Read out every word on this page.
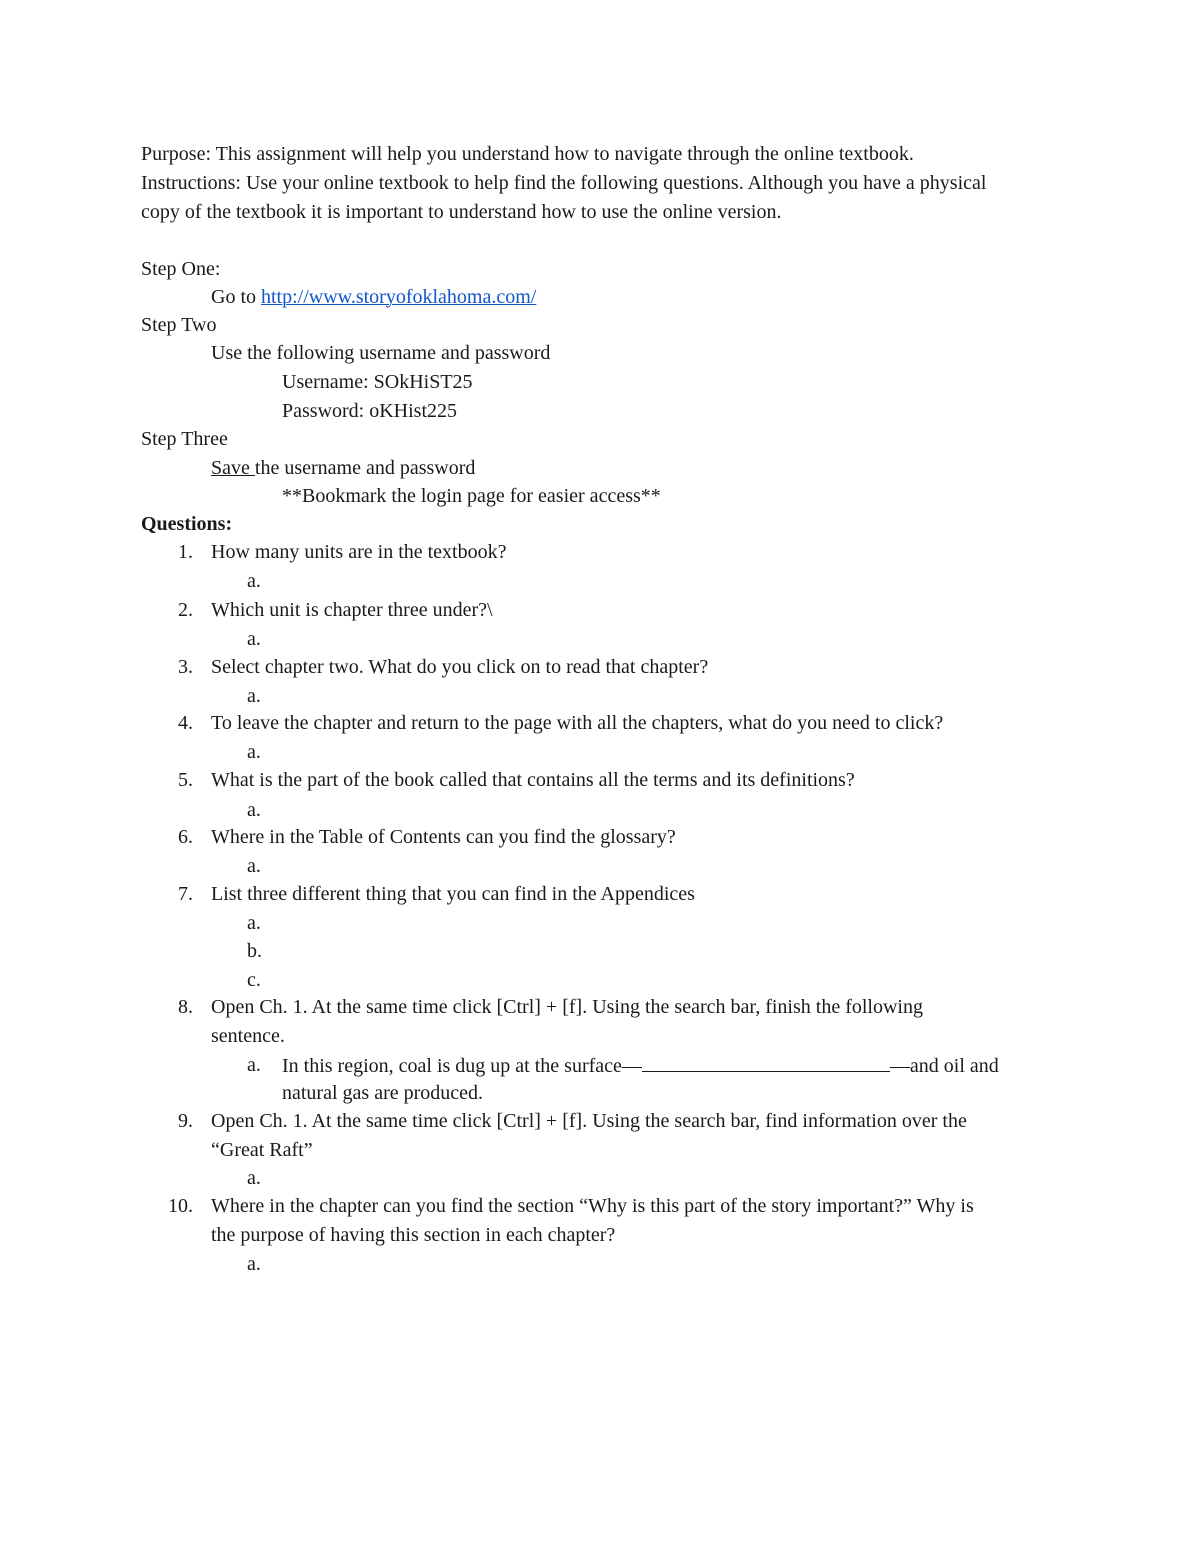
Purpose: This assignment will help you understand how to navigate through the online textbook.
Instructions: Use your online textbook to help find the following questions. Although you have a physical
copy of the textbook it is important to understand how to use the online version.
Step One:
Go to http://www.storyofoklahoma.com/
Step Two
Use the following username and password
Username: SOkHiST25
Password: oKHist225
Step Three
Save the username and password
**Bookmark the login page for easier access**
Questions:
1. How many units are in the textbook?
a.
2. Which unit is chapter three under?\
a.
3. Select chapter two. What do you click on to read that chapter?
a.
4. To leave the chapter and return to the page with all the chapters, what do you need to click?
a.
5. What is the part of the book called that contains all the terms and its definitions?
a.
6. Where in the Table of Contents can you find the glossary?
a.
7. List three different thing that you can find in the Appendices
a.
b.
c.
8. Open Ch. 1. At the same time click [Ctrl] + [f]. Using the search bar, finish the following
sentence.
a. In this region, coal is dug up at the surface—	—and oil and
natural gas are produced.
9. Open Ch. 1. At the same time click [Ctrl] + [f]. Using the search bar, find information over the
“Great Raft”
a.
10. Where in the chapter can you find the section “Why is this part of the story important?” Why is
the purpose of having this section in each chapter?
a.
